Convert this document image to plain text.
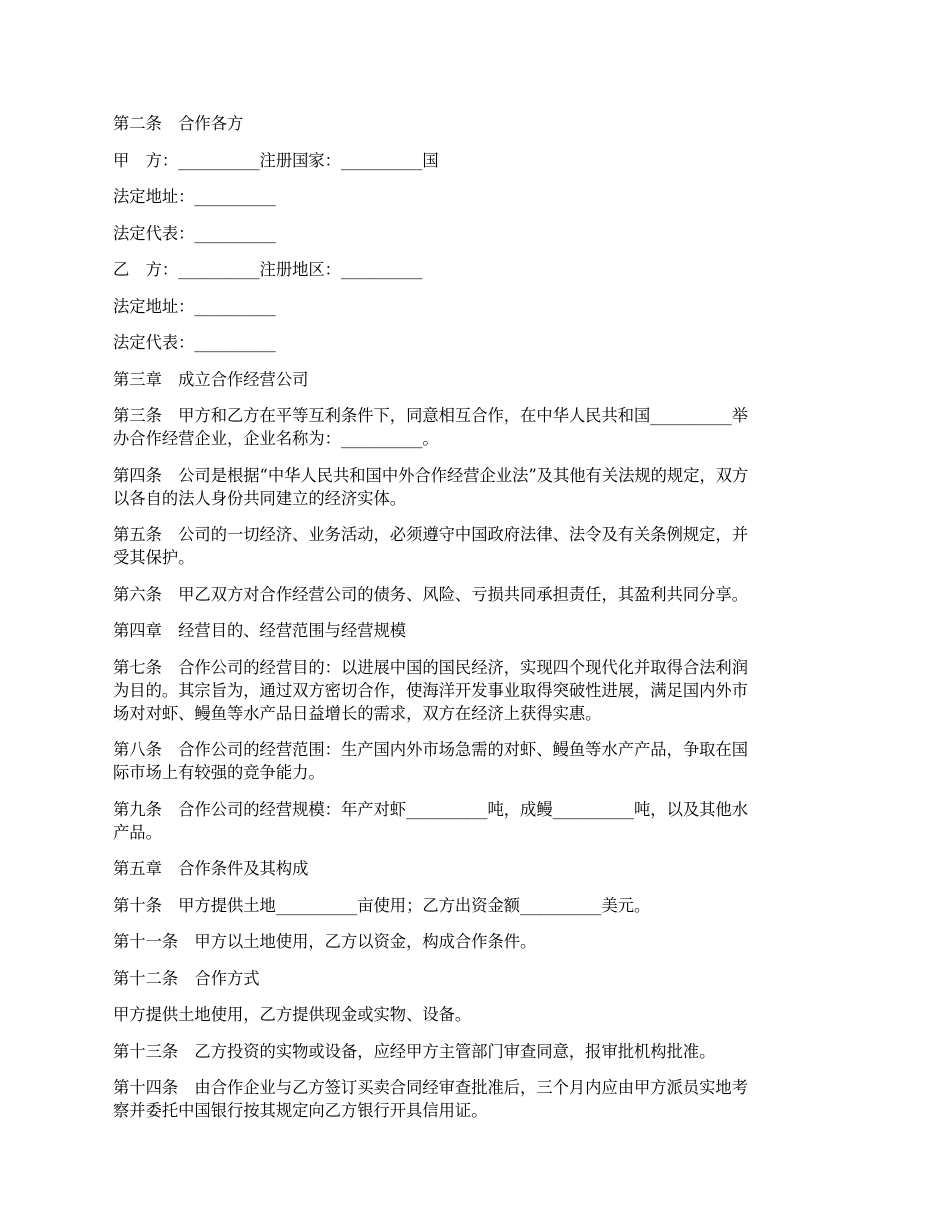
第二条　合作各方
甲　方：__________注册国家：__________国
法定地址：__________
法定代表：__________
乙　方：__________注册地区：__________
法定地址：__________
法定代表：__________
第三章　成立合作经营公司
第三条　甲方和乙方在平等互利条件下，同意相互合作，在中华人民共和国__________举
办合作经营企业，企业名称为：__________。
第四条　公司是根据“中华人民共和国中外合作经营企业法”及其他有关法规的规定，双方
以各自的法人身份共同建立的经济实体。
第五条　公司的一切经济、业务活动，必须遵守中国政府法律、法令及有关条例规定，并
受其保护。
第六条　甲乙双方对合作经营公司的债务、风险、亏损共同承担责任，其盈利共同分享。
第四章　经营目的、经营范围与经营规模
第七条　合作公司的经营目的：以进展中国的国民经济，实现四个现代化并取得合法利润
为目的。其宗旨为，通过双方密切合作，使海洋开发事业取得突破性进展，满足国内外市
场对对虾、鳗鱼等水产品日益增长的需求，双方在经济上获得实惠。
第八条　合作公司的经营范围：生产国内外市场急需的对虾、鳗鱼等水产产品，争取在国
际市场上有较强的竞争能力。
第九条　合作公司的经营规模：年产对虾__________吨，成鳗__________吨，以及其他水
产品。
第五章　合作条件及其构成
第十条　甲方提供土地__________亩使用；乙方出资金额__________美元。
第十一条　甲方以土地使用，乙方以资金，构成合作条件。
第十二条　合作方式
甲方提供土地使用，乙方提供现金或实物、设备。
第十三条　乙方投资的实物或设备，应经甲方主管部门审查同意，报审批机构批准。
第十四条　由合作企业与乙方签订买卖合同经审查批准后，三个月内应由甲方派员实地考
察并委托中国银行按其规定向乙方银行开具信用证。
